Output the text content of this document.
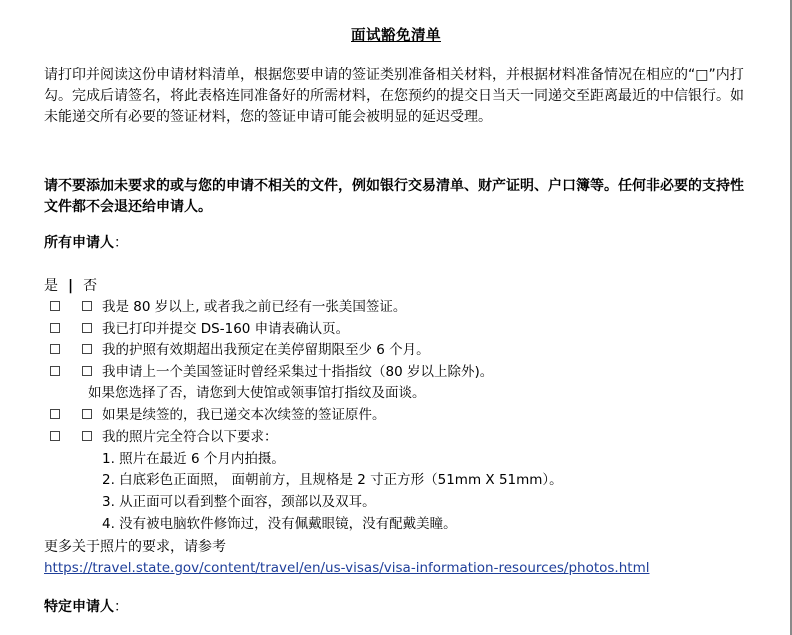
面试豁免清单
请打印并阅读这份申请材料清单，根据您要申请的签证类别准备相关材料，并根据材料准备情况在相应的“□”内打勾。完成后请签名，将此表格连同准备好的所需材料，在您预约的提交日当天一同递交至距离最近的中信银行。如未能递交所有必要的签证材料，您的签证申请可能会被明显的延迟受理。
请不要添加未要求的或与您的申请不相关的文件，例如银行交易清单、财产证明、户口簿等。任何非必要的支持性文件都不会退还给申请人。
所有申请人：
是 | 否
我是 80 岁以上, 或者我之前已经有一张美国签证。
我已打印并提交 DS-160 申请表确认页。
我的护照有效期超出我预定在美停留期限至少 6 个月。
我申请上一个美国签证时曾经采集过十指指纹（80 岁以上除外)。
如果您选择了否，请您到大使馆或领事馆打指纹及面谈。
如果是续签的，我已递交本次续签的签证原件。
我的照片完全符合以下要求：
1. 照片在最近 6 个月内拍摄。
2. 白底彩色正面照， 面朝前方，且规格是 2 寸正方形（51mm X 51mm）。
3. 从正面可以看到整个面容，颈部以及双耳。
4. 没有被电脑软件修饰过，没有佩戴眼镜，没有配戴美瞳。
更多关于照片的要求，请参考
https://travel.state.gov/content/travel/en/us-visas/visa-information-resources/photos.html
特定申请人：
